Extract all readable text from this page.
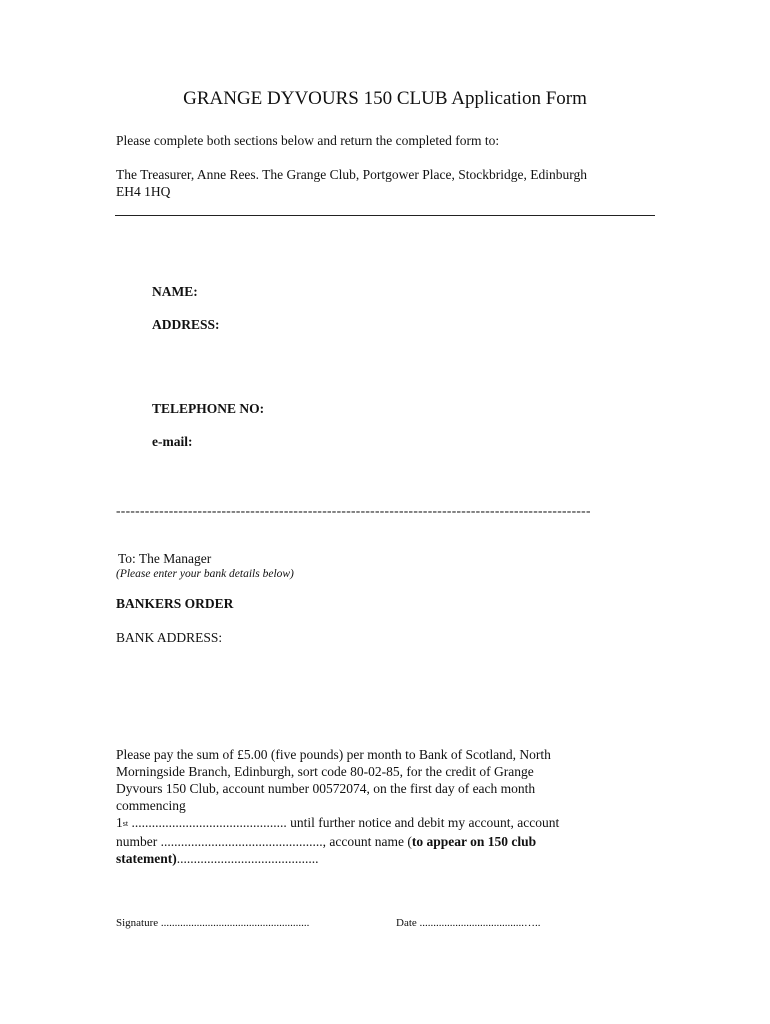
GRANGE DYVOURS 150 CLUB Application Form
Please complete both sections below and return the completed form to:
The Treasurer, Anne Rees. The Grange Club, Portgower Place, Stockbridge, Edinburgh
EH4 1HQ
NAME:
ADDRESS:
TELEPHONE NO:
e-mail:
---------------------------------------------------------------------------------------------------
To: The Manager
(Please enter your bank details below)
BANKERS ORDER
BANK ADDRESS:
Please pay the sum of £5.00 (five pounds) per month to Bank of Scotland, North
Morningside Branch, Edinburgh, sort code 80-02-85, for the credit of Grange
Dyvours 150 Club, account number 00572074, on the first day of each month
commencing
1st .............................................. until further notice and debit my account, account
number ................................................, account name (to appear on 150 club
statement)..........................................
Signature ......................................................	Date ......................................…..
